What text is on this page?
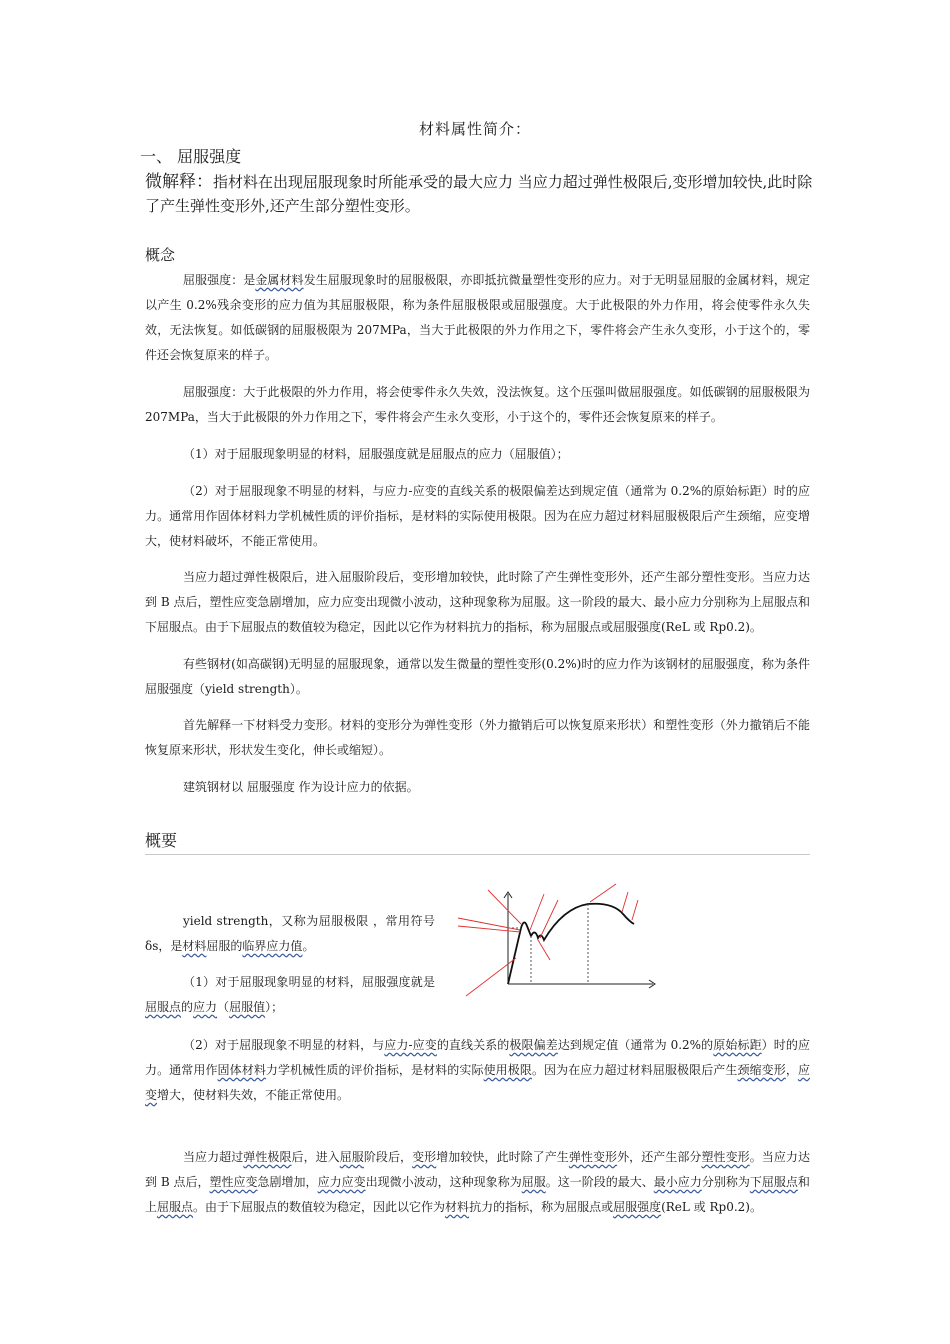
材料属性简介：
一、 屈服强度
微解释：指材料在出现屈服现象时所能承受的最大应力 当应力超过弹性极限后,变形增加较快,此时除了产生弹性变形外,还产生部分塑性变形。
概念
屈服强度：是金属材料发生屈服现象时的屈服极限，亦即抵抗微量塑性变形的应力。对于无明显屈服的金属材料，规定以产生 0.2%残余变形的应力值为其屈服极限，称为条件屈服极限或屈服强度。大于此极限的外力作用，将会使零件永久失效，无法恢复。如低碳钢的屈服极限为 207MPa，当大于此极限的外力作用之下，零件将会产生永久变形，小于这个的，零件还会恢复原来的样子。
屈服强度：大于此极限的外力作用，将会使零件永久失效，没法恢复。这个压强叫做屈服强度。如低碳钢的屈服极限为 207MPa，当大于此极限的外力作用之下，零件将会产生永久变形，小于这个的，零件还会恢复原来的样子。
（1）对于屈服现象明显的材料，屈服强度就是屈服点的应力（屈服值）；
（2）对于屈服现象不明显的材料，与应力-应变的直线关系的极限偏差达到规定值（通常为 0.2%的原始标距）时的应力。通常用作固体材料力学机械性质的评价指标，是材料的实际使用极限。因为在应力超过材料屈服极限后产生颈缩，应变增大，使材料破坏，不能正常使用。
当应力超过弹性极限后，进入屈服阶段后，变形增加较快，此时除了产生弹性变形外，还产生部分塑性变形。当应力达到 B 点后，塑性应变急剧增加，应力应变出现微小波动，这种现象称为屈服。这一阶段的最大、最小应力分别称为上屈服点和下屈服点。由于下屈服点的数值较为稳定，因此以它作为材料抗力的指标，称为屈服点或屈服强度(ReL 或 Rp0.2)。
有些钢材(如高碳钢)无明显的屈服现象，通常以发生微量的塑性变形(0.2%)时的应力作为该钢材的屈服强度，称为条件屈服强度（yield strength）。
首先解释一下材料受力变形。材料的变形分为弹性变形（外力撤销后可以恢复原来形状）和塑性变形（外力撤销后不能恢复原来形状，形状发生变化，伸长或缩短）。
建筑钢材以 屈服强度 作为设计应力的依据。
概要
yield strength，又称为屈服极限 ，常用符号 δs，是材料屈服的临界应力值。
（1）对于屈服现象明显的材料，屈服强度就是屈服点的应力（屈服值）；
（2）对于屈服现象不明显的材料，与应力-应变的直线关系的极限偏差达到规定值（通常为 0.2%的原始标距）时的应力。通常用作固体材料力学机械性质的评价指标，是材料的实际使用极限。因为在应力超过材料屈服极限后产生颈缩变形，应变增大，使材料失效，不能正常使用。
当应力超过弹性极限后，进入屈服阶段后，变形增加较快，此时除了产生弹性变形外，还产生部分塑性变形。当应力达到 B 点后，塑性应变急剧增加，应力应变出现微小波动，这种现象称为屈服。这一阶段的最大、最小应力分别称为下屈服点和上屈服点。由于下屈服点的数值较为稳定，因此以它作为材料抗力的指标，称为屈服点或屈服强度(ReL 或 Rp0.2)。
